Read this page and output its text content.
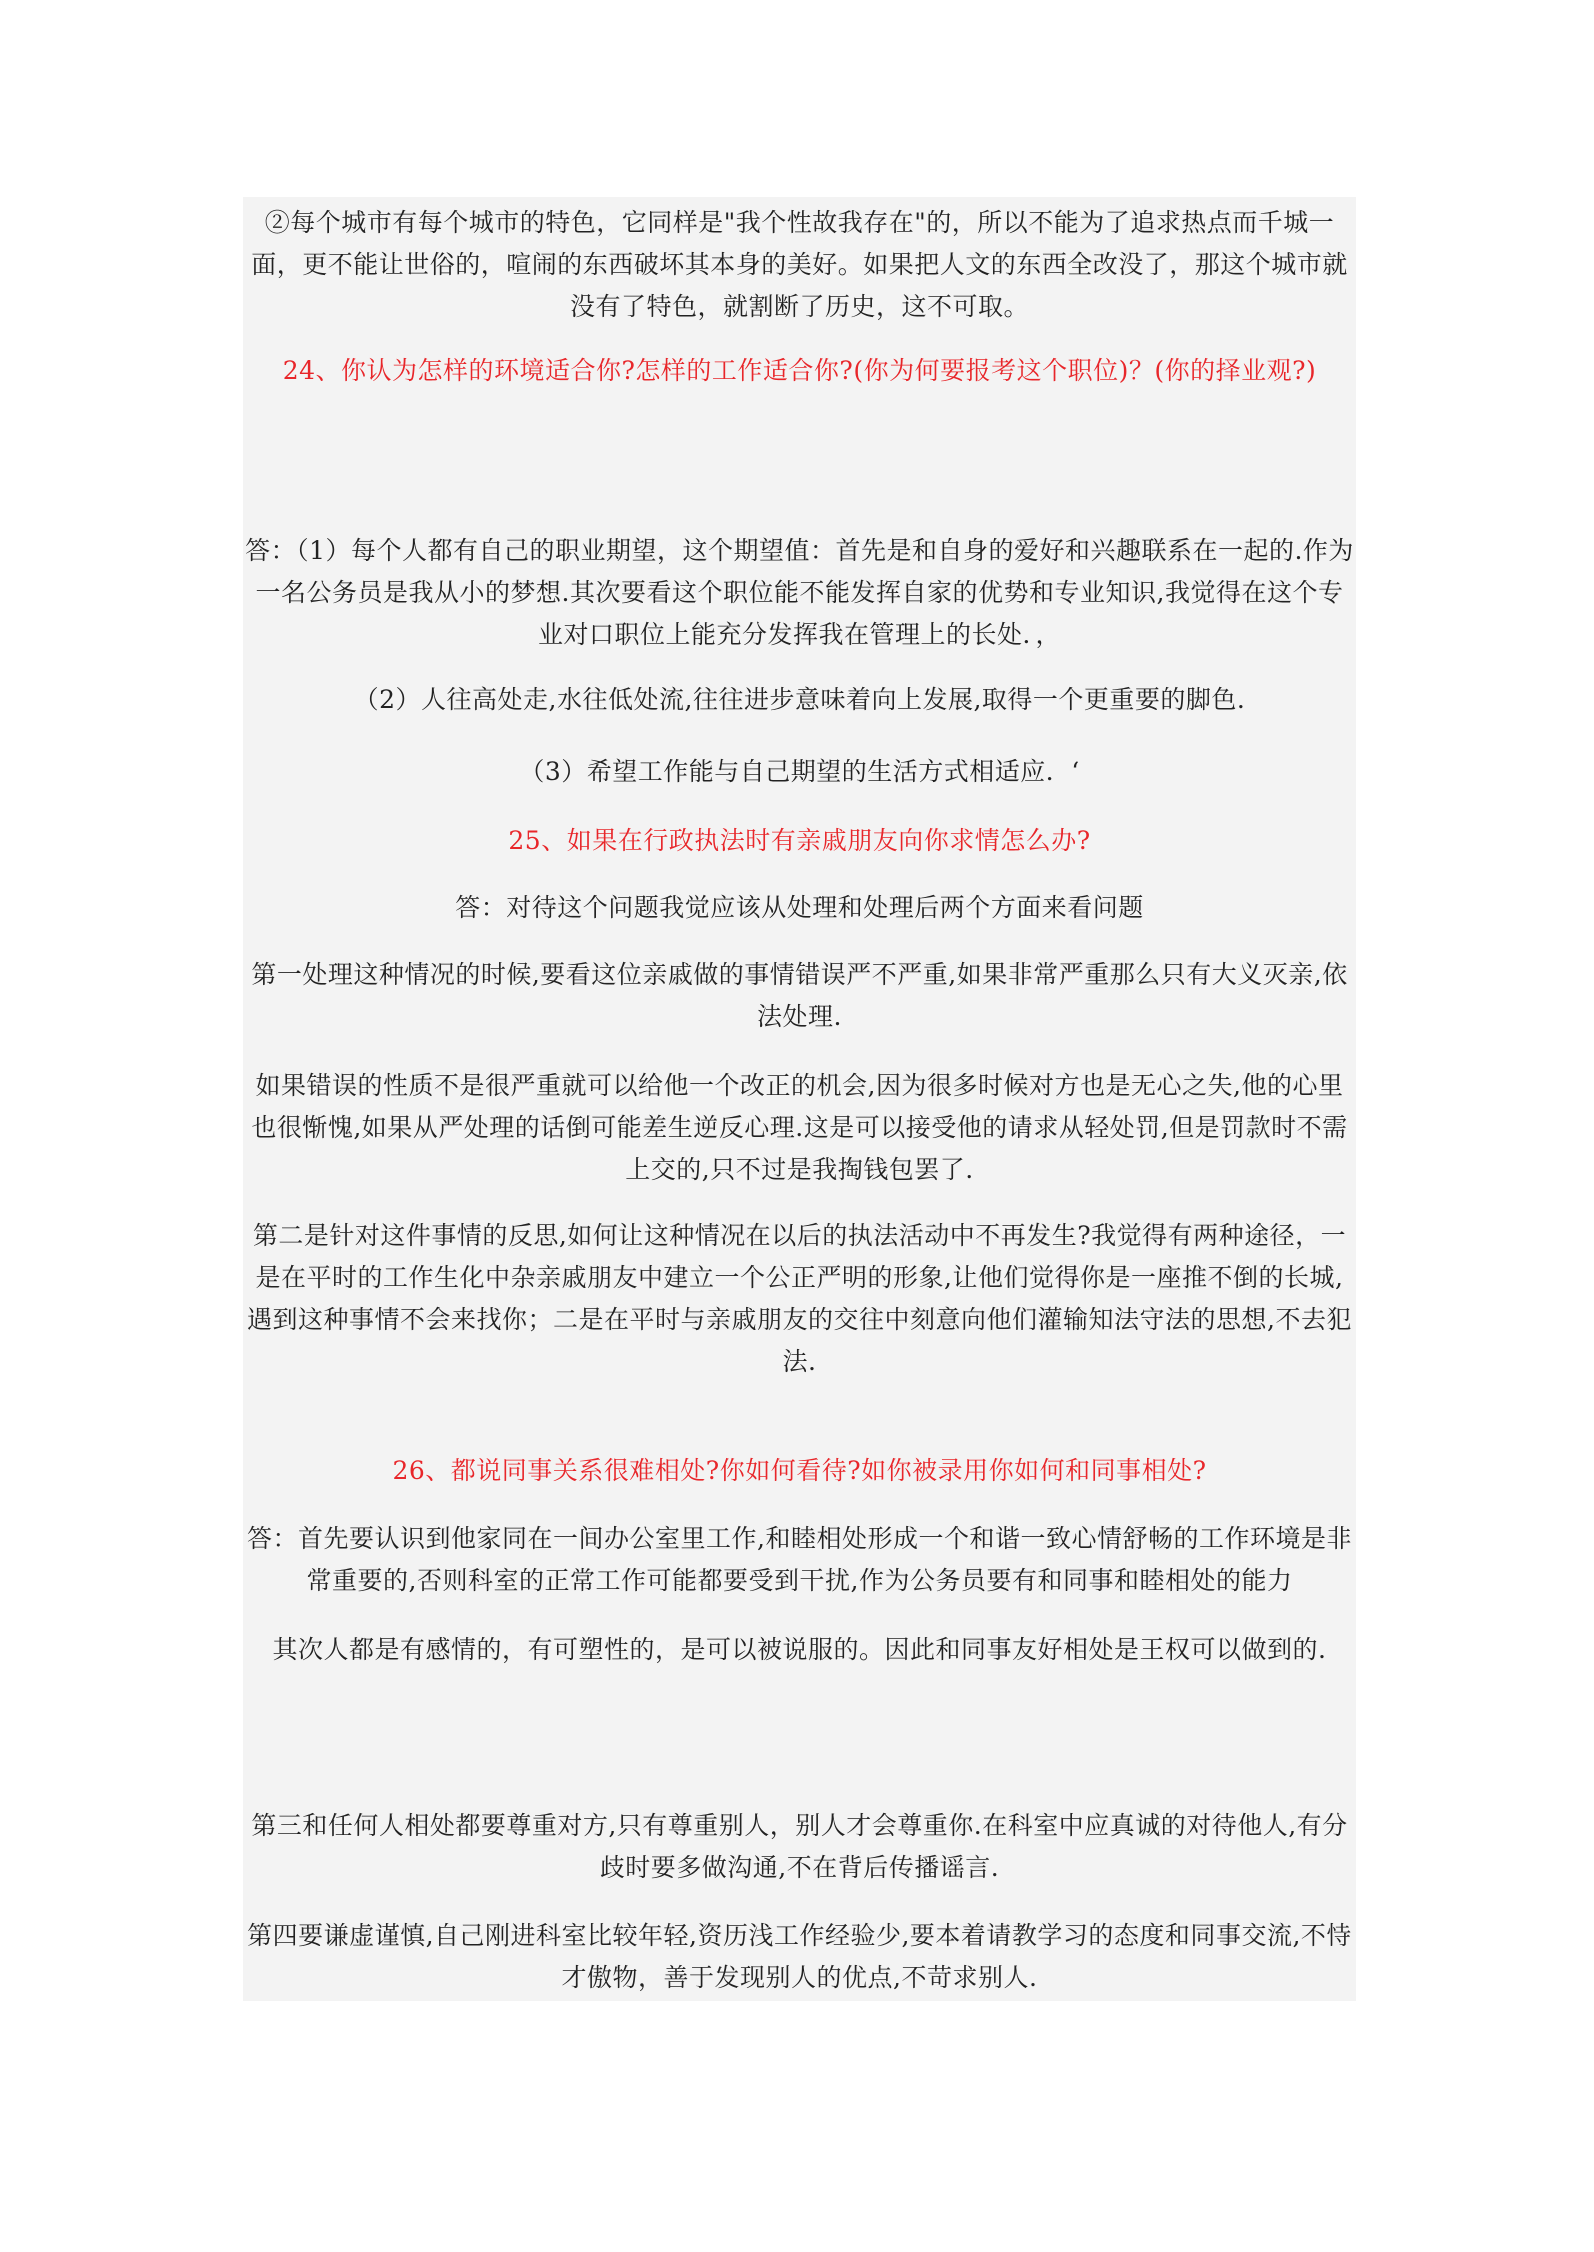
②每个城市有每个城市的特色，它同样是"我个性故我存在"的，所以不能为了追求热点而千城一面，更不能让世俗的，喧闹的东西破坏其本身的美好。如果把人文的东西全改没了，那这个城市就没有了特色，就割断了历史，这不可取。

24、你认为怎样的环境适合你?怎样的工作适合你?(你为何要报考这个职位)？(你的择业观?)

答：（1）每个人都有自己的职业期望，这个期望值：首先是和自身的爱好和兴趣联系在一起的.作为一名公务员是我从小的梦想.其次要看这个职位能不能发挥自家的优势和专业知识,我觉得在这个专业对口职位上能充分发挥我在管理上的长处．，

（2）人往高处走,水往低处流,往往进步意味着向上发展,取得一个更重要的脚色.

（3）希望工作能与自己期望的生活方式相适应．‘

25、如果在行政执法时有亲戚朋友向你求情怎么办?

答：对待这个问题我觉应该从处理和处理后两个方面来看问题

第一处理这种情况的时候,要看这位亲戚做的事情错误严不严重,如果非常严重那么只有大义灭亲,依法处理.

如果错误的性质不是很严重就可以给他一个改正的机会,因为很多时候对方也是无心之失,他的心里也很惭愧,如果从严处理的话倒可能差生逆反心理.这是可以接受他的请求从轻处罚,但是罚款时不需上交的,只不过是我掏钱包罢了.

第二是针对这件事情的反思,如何让这种情况在以后的执法活动中不再发生?我觉得有两种途径，一是在平时的工作生化中杂亲戚朋友中建立一个公正严明的形象,让他们觉得你是一座推不倒的长城,遇到这种事情不会来找你；二是在平时与亲戚朋友的交往中刻意向他们灌输知法守法的思想,不去犯法.

26、都说同事关系很难相处?你如何看待?如你被录用你如何和同事相处?

答：首先要认识到他家同在一间办公室里工作,和睦相处形成一个和谐一致心情舒畅的工作环境是非常重要的,否则科室的正常工作可能都要受到干扰,作为公务员要有和同事和睦相处的能力

其次人都是有感情的，有可塑性的，是可以被说服的。因此和同事友好相处是王权可以做到的.

第三和任何人相处都要尊重对方,只有尊重别人，别人才会尊重你.在科室中应真诚的对待他人,有分歧时要多做沟通,不在背后传播谣言.

第四要谦虚谨慎,自己刚进科室比较年轻,资历浅工作经验少,要本着请教学习的态度和同事交流,不恃才傲物，善于发现别人的优点,不苛求别人.
